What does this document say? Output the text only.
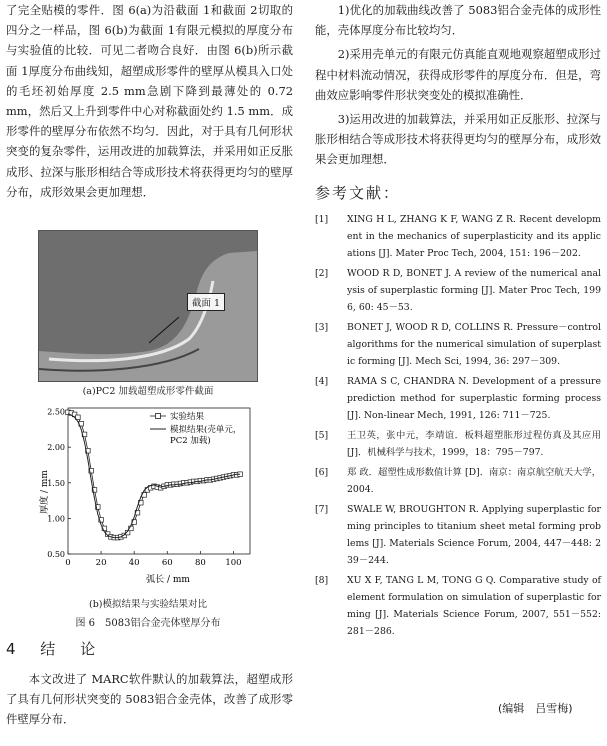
了完全贴模的零件．图 6(a)为沿截面 1和截面 2切取的四分之一样品，图 6(b)为截面 1有限元模拟的厚度分布与实验值的比较．可见二者吻合良好．由图 6(b)所示截面 1厚度分布曲线知，超塑成形零件的壁厚从模具入口处的毛坯初始厚度 2.5 mm急剧下降到最薄处的 0.72 mm，然后又上升到零件中心对称截面处约 1.5 mm．成形零件的壁厚分布依然不均匀．因此，对于具有几何形状突变的复杂零件，运用改进的加载算法，并采用如正反胀成形、拉深与胀形相结合等成形技术将获得更均匀的壁厚分布，成形效果会更加理想．

截面 1

(a)PC2 加载超塑成形零件截面

0	20	40	60	80 100
0.50
1.00
1.50
2.00
2.50	实验结果
模拟结果(壳单元，
PC2 加载)
弧长 / mm
厚度 / mm

(b)模拟结果与实验结果对比

图 6　5083铝合金壳体壁厚分布

4 结 论

本文改进了 MARC软件默认的加载算法，超塑成形了具有几何形状突变的 5083铝合金壳体，改善了成形零件壁厚分布．

1)优化的加载曲线改善了 5083铝合金壳体的成形性能，壳体厚度分布比较均匀．

2)采用壳单元的有限元仿真能直观地观察超塑成形过程中材料流动情况，获得成形零件的厚度分布．但是，弯曲效应影响零件形状突变处的模拟准确性．

3)运用改进的加载算法，并采用如正反胀形、拉深与胀形相结合等成形技术将获得更均匀的壁厚分布，成形效果会更加理想．

参考文献：
[1]	XING H L, ZHANG K F, WANG Z R. Recent development in the mechanics of superplasticity and its applications [J]. Mater Proc Tech, 2004, 151: 196－202.
[2]	WOOD R D, BONET J. A review of the numerical analysis of superplastic forming [J]. Mater Proc Tech, 1996, 60: 45－53.
[3]	BONET J, WOOD R D, COLLINS R. Pressure－control algorithms for the numerical simulation of superplastic forming [J]. Mech Sci, 1994, 36: 297－309.
[4]	RAMA S C, CHANDRA N. Development of a pressure prediction method for superplastic forming process [J]. Non-linear Mech, 1991, 126: 711－725.
[5]	王卫英，张中元，李靖谊．板料超塑胀形过程仿真及其应用[J]．机械科学与技术，1999，18：795－797.
[6]	郑 政．超塑性成形数值计算 [D]．南京：南京航空航天大学，2004.
[7]	SWALE W, BROUGHTON R. Applying superplastic forming principles to titanium sheet metal forming problems [J]. Materials Science Forum, 2004, 447－448: 239－244.
[8]	XU X F, TANG L M, TONG G Q. Comparative study of element formulation on simulation of superplastic forming [J]. Materials Science Forum, 2007, 551－552: 281－286.
(编辑　吕雪梅)
